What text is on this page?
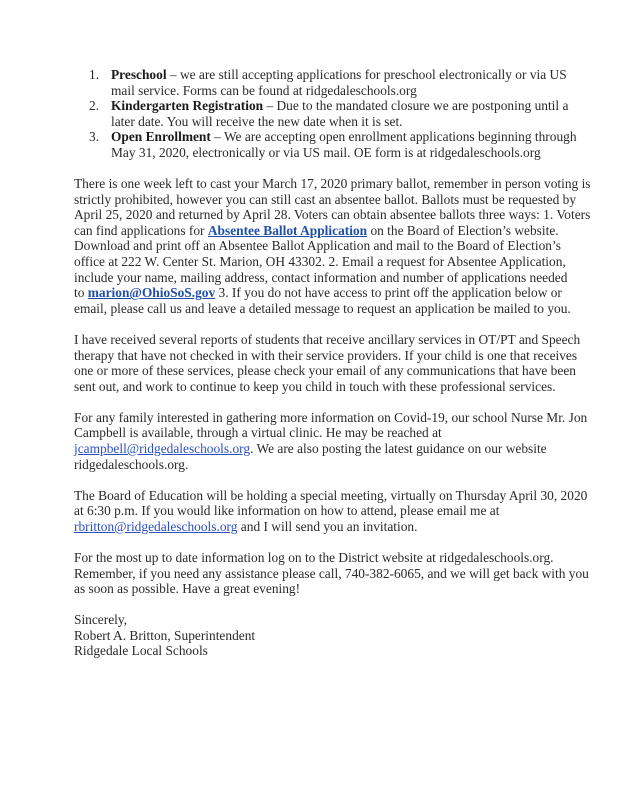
1. Preschool – we are still accepting applications for preschool electronically or via US
mail service. Forms can be found at ridgedaleschools.org
2. Kindergarten Registration – Due to the mandated closure we are postponing until a
later date. You will receive the new date when it is set.
3. Open Enrollment – We are accepting open enrollment applications beginning through
May 31, 2020, electronically or via US mail. OE form is at ridgedaleschools.org
There is one week left to cast your March 17, 2020 primary ballot, remember in person voting is
strictly prohibited, however you can still cast an absentee ballot. Ballots must be requested by
April 25, 2020 and returned by April 28. Voters can obtain absentee ballots three ways: 1. Voters
can find applications for Absentee Ballot Application on the Board of Election’s website.
Download and print off an Absentee Ballot Application and mail to the Board of Election’s
office at 222 W. Center St. Marion, OH 43302. 2. Email a request for Absentee Application,
include your name, mailing address, contact information and number of applications needed
to marion@OhioSoS.gov 3. If you do not have access to print off the application below or
email, please call us and leave a detailed message to request an application be mailed to you.
I have received several reports of students that receive ancillary services in OT/PT and Speech
therapy that have not checked in with their service providers. If your child is one that receives
one or more of these services, please check your email of any communications that have been
sent out, and work to continue to keep you child in touch with these professional services.
For any family interested in gathering more information on Covid-19, our school Nurse Mr. Jon
Campbell is available, through a virtual clinic. He may be reached at
jcampbell@ridgedaleschools.org. We are also posting the latest guidance on our website
ridgedaleschools.org.
The Board of Education will be holding a special meeting, virtually on Thursday April 30, 2020
at 6:30 p.m. If you would like information on how to attend, please email me at
rbritton@ridgedaleschools.org and I will send you an invitation.
For the most up to date information log on to the District website at ridgedaleschools.org.
Remember, if you need any assistance please call, 740-382-6065, and we will get back with you
as soon as possible. Have a great evening!
Sincerely,
Robert A. Britton, Superintendent
Ridgedale Local Schools
